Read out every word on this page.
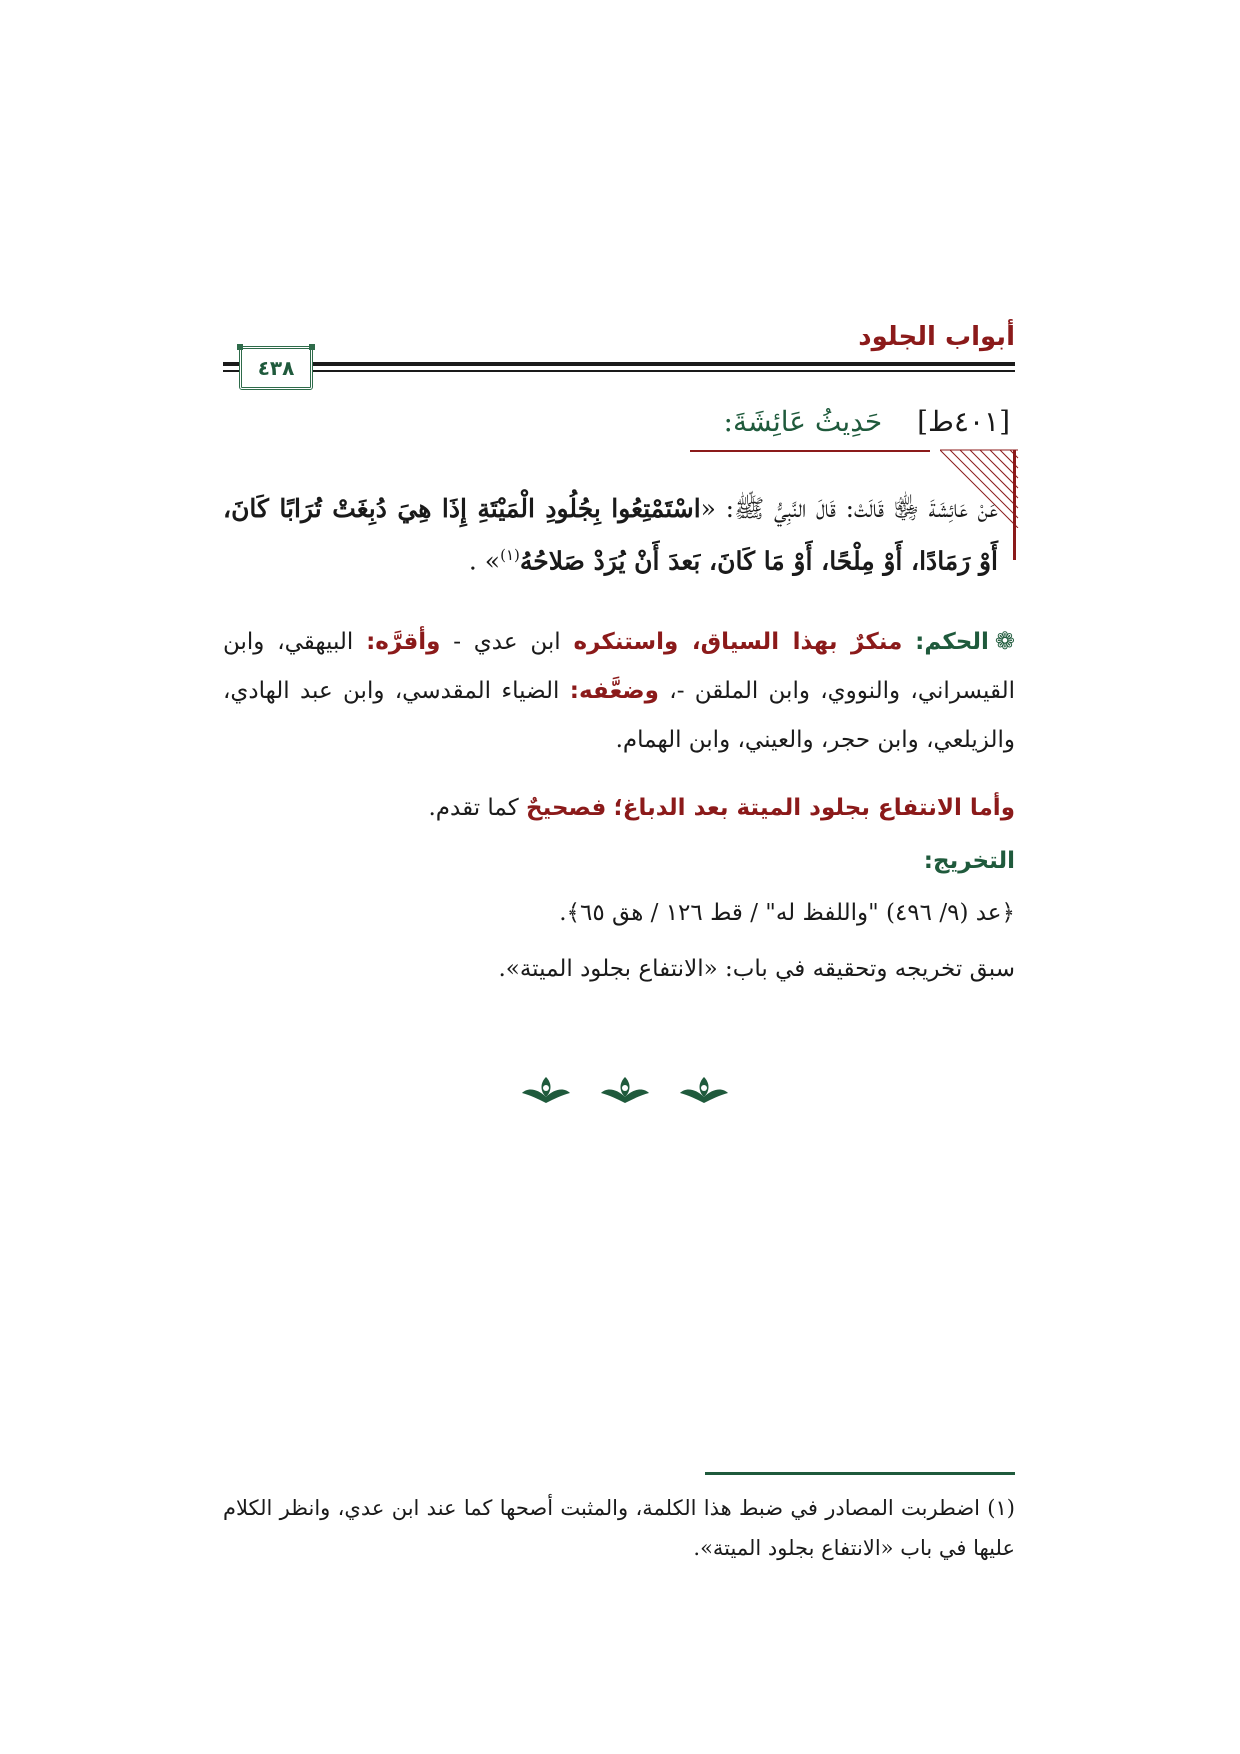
أبواب الجلود
٤٣٨
[٤٠١ط] حَدِيثُ عَائِشَةَ:
عَنْ عَائِشَةَ ﵂ قَالَتْ: قَالَ النَّبِيُّ ﷺ: «اسْتَمْتِعُوا بِجُلُودِ الْمَيْتَةِ إِذَا هِيَ دُبِغَتْ تُرَابًا كَانَ، أَوْ رَمَادًا، أَوْ مِلْحًا، أَوْ مَا كَانَ، بَعدَ أَنْ يُرَدْ صَلاحُهُ$^{(١)}$» .
❁الحكم: منكرٌ بهذا السياق، واستنكره ابن عدي - وأقرَّه: البيهقي، وابن القيسراني، والنووي، وابن الملقن -، وضعَّفه: الضياء المقدسي، وابن عبد الهادي، والزيلعي، وابن حجر، والعيني، وابن الهمام.
وأما الانتفاع بجلود الميتة بعد الدباغ؛ فصحيحٌ كما تقدم.
التخريج:
﴿عد (٩/ ٤٩٦) "واللفظ له" / قط ١٢٦ / هق ٦٥﴾.
سبق تخريجه وتحقيقه في باب: «الانتفاع بجلود الميتة».
(١) اضطربت المصادر في ضبط هذا الكلمة، والمثبت أصحها كما عند ابن عدي، وانظر الكلام عليها في باب «الانتفاع بجلود الميتة».
